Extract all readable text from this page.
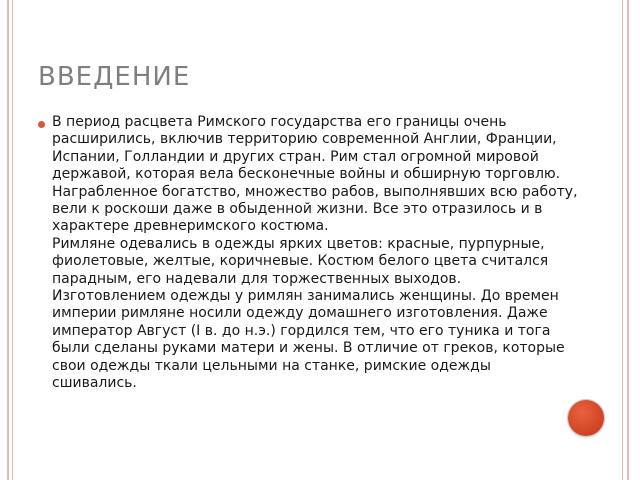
ВВЕДЕНИЕ

В период расцвета Римского государства его границы очень расширились, включив территорию современной Англии, Франции, Испании, Голландии и других стран. Рим стал огромной мировой державой, которая вела бесконечные войны и обширную торговлю. Награбленное богатство, множество рабов, выполнявших всю работу, вели к роскоши даже в обыденной жизни. Все это отразилось и в характере древнеримского костюма.

Римляне одевались в одежды ярких цветов: красные, пурпурные, фиолетовые, желтые, коричневые. Костюм белого цвета считался парадным, его надевали для торжественных выходов.

Изготовлением одежды у римлян занимались женщины. До времен империи римляне носили одежду домашнего изготовления. Даже император Август (I в. до н.э.) гордился тем, что его туника и тога были сделаны руками матери и жены. В отличие от греков, которые свои одежды ткали цельными на станке, римские одежды сшивались.
